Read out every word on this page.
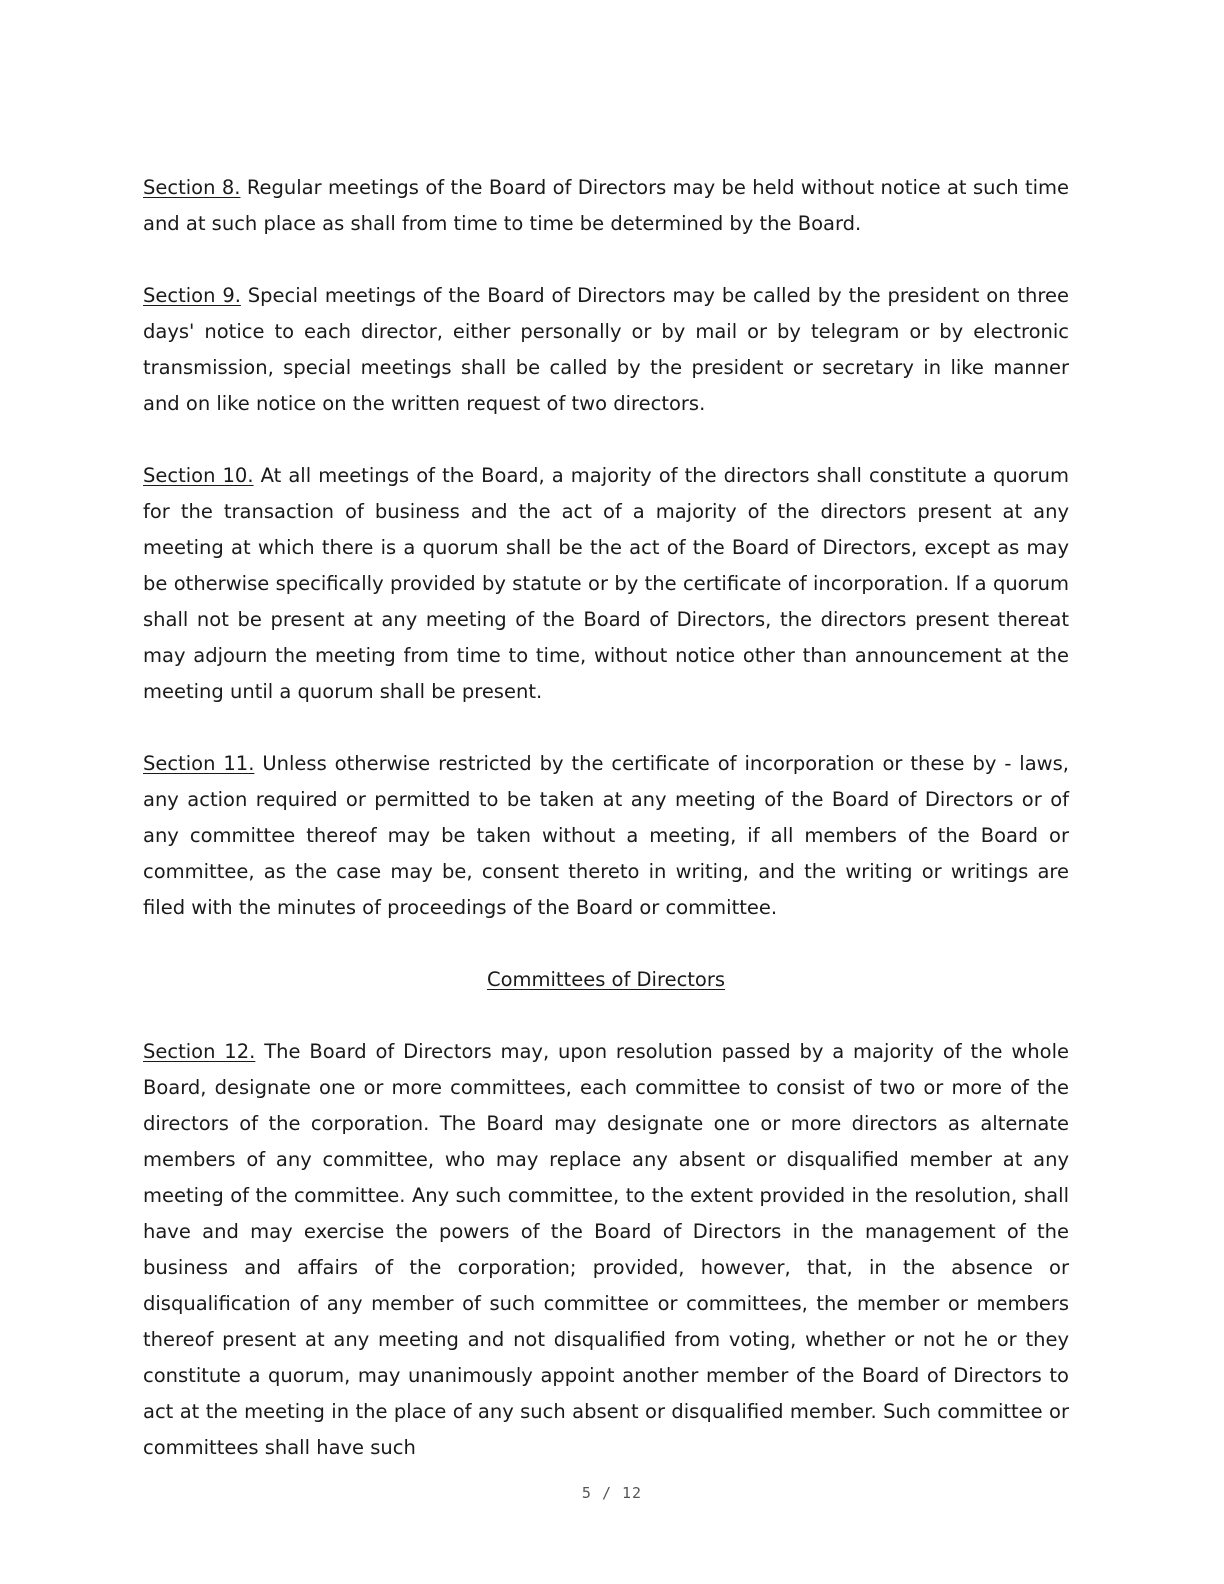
Section 8. Regular meetings of the Board of Directors may be held without notice at such time and at such place as shall from time to time be determined by the Board.

Section 9. Special meetings of the Board of Directors may be called by the president on three days' notice to each director, either personally or by mail or by telegram or by electronic transmission, special meetings shall be called by the president or secretary in like manner and on like notice on the written request of two directors.

Section 10. At all meetings of the Board, a majority of the directors shall constitute a quorum for the transaction of business and the act of a majority of the directors present at any meeting at which there is a quorum shall be the act of the Board of Directors, except as may be otherwise specifically provided by statute or by the certificate of incorporation. If a quorum shall not be present at any meeting of the Board of Directors, the directors present thereat may adjourn the meeting from time to time, without notice other than announcement at the meeting until a quorum shall be present.

Section 11. Unless otherwise restricted by the certificate of incorporation or these by - laws, any action required or permitted to be taken at any meeting of the Board of Directors or of any committee thereof may be taken without a meeting, if all members of the Board or committee, as the case may be, consent thereto in writing, and the writing or writings are filed with the minutes of proceedings of the Board or committee.

Committees of Directors

Section 12. The Board of Directors may, upon resolution passed by a majority of the whole Board, designate one or more committees, each committee to consist of two or more of the directors of the corporation. The Board may designate one or more directors as alternate members of any committee, who may replace any absent or disqualified member at any meeting of the committee. Any such committee, to the extent provided in the resolution, shall have and may exercise the powers of the Board of Directors in the management of the business and affairs of the corporation; provided, however, that, in the absence or disqualification of any member of such committee or committees, the member or members thereof present at any meeting and not disqualified from voting, whether or not he or they constitute a quorum, may unanimously appoint another member of the Board of Directors to act at the meeting in the place of any such absent or disqualified member. Such committee or committees shall have such

5 / 12
